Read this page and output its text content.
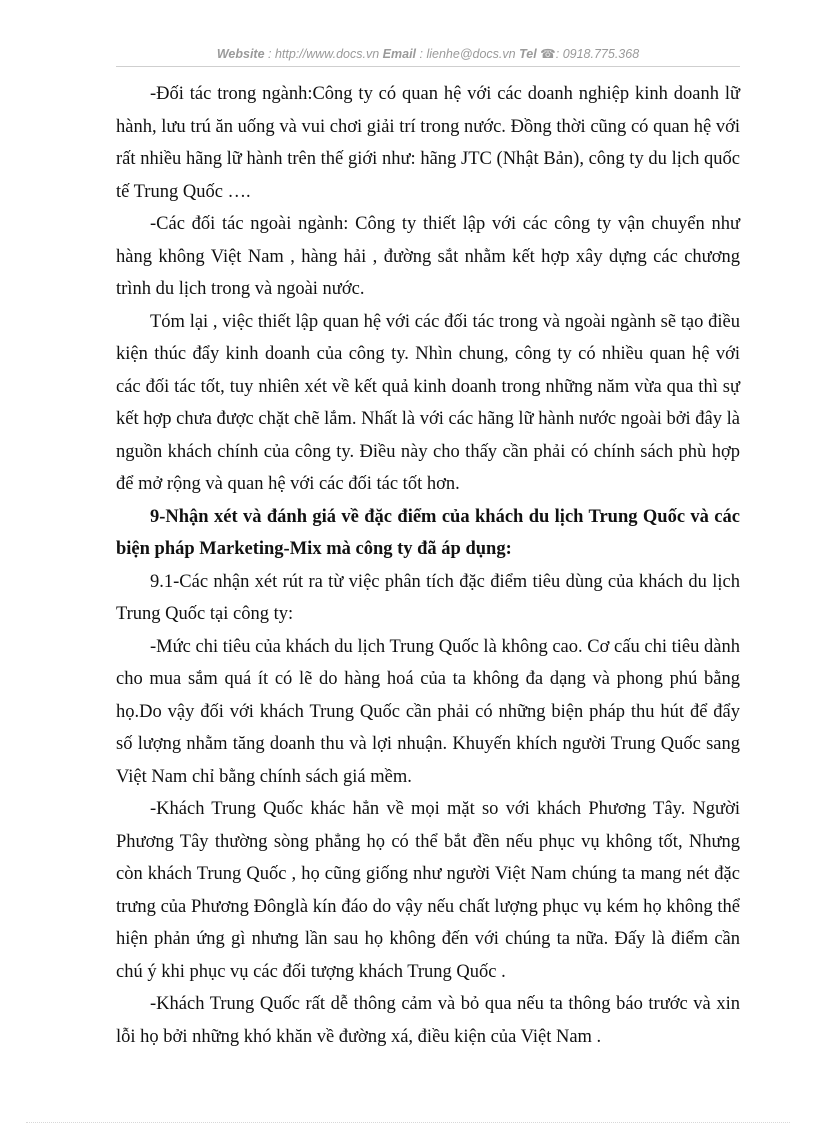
Website : http://www.docs.vn Email : lienhe@docs.vn Tel ☎: 0918.775.368

-Đối tác trong ngành:Công ty có quan hệ với các doanh nghiệp kinh doanh lữ hành, lưu trú ăn uống và vui chơi giải trí trong nước. Đồng thời cũng có quan hệ với rất nhiều hãng lữ hành trên thế giới như: hãng JTC (Nhật Bản), công ty du lịch quốc tế Trung Quốc ….

-Các đối tác ngoài ngành: Công ty thiết lập với các công ty vận chuyển như hàng không Việt Nam , hàng hải , đường sắt nhằm kết hợp xây dựng các chương trình du lịch trong và ngoài nước.

Tóm lại , việc thiết lập quan hệ với các đối tác trong và ngoài ngành sẽ tạo điều kiện thúc đẩy kinh doanh của công ty. Nhìn chung, công ty có nhiều quan hệ với các đối tác tốt, tuy nhiên xét về kết quả kinh doanh trong những năm vừa qua thì sự kết hợp chưa được chặt chẽ lắm. Nhất là với các hãng lữ hành nước ngoài bởi đây là nguồn khách chính của công ty. Điều này cho thấy cần phải có chính sách phù hợp để mở rộng và quan hệ với các đối tác tốt hơn.

9-Nhận xét và đánh giá về đặc điểm của khách du lịch Trung Quốc và các biện pháp Marketing-Mix mà công ty đã áp dụng:

9.1-Các nhận xét rút ra từ việc phân tích đặc điểm tiêu dùng của khách du lịch Trung Quốc tại công ty:

-Mức chi tiêu của khách du lịch Trung Quốc là không cao. Cơ cấu chi tiêu dành cho mua sắm quá ít có lẽ do hàng hoá của ta không đa dạng và phong phú bằng họ.Do vậy đối với khách Trung Quốc cần phải có những biện pháp thu hút để đẩy số lượng nhằm tăng doanh thu và lợi nhuận. Khuyến khích người Trung Quốc sang Việt Nam chỉ bằng chính sách giá mềm.

-Khách Trung Quốc khác hẳn về mọi mặt so với khách Phương Tây. Người Phương Tây thường sòng phẳng họ có thể bắt đền nếu phục vụ không tốt, Nhưng còn khách Trung Quốc , họ cũng giống như người Việt Nam chúng ta mang nét đặc trưng của Phương Đônglà kín đáo do vậy nếu chất lượng phục vụ kém họ không thể hiện phản ứng gì nhưng lần sau họ không đến với chúng ta nữa. Đấy là điểm cần chú ý khi phục vụ các đối tượng khách Trung Quốc .

-Khách Trung Quốc rất dễ thông cảm và bỏ qua nếu ta thông báo trước và xin lỗi họ bởi những khó khăn về đường xá, điều kiện của Việt Nam .
